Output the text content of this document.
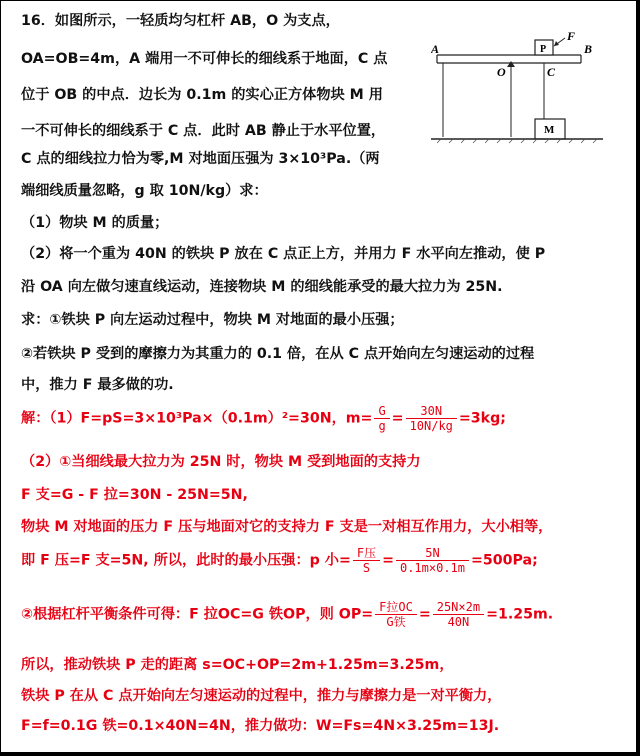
16．如图所示，一轻质均匀杠杆 AB，O 为支点，
OA=OB=4m，A 端用一不可伸长的细线系于地面，C 点
位于 OB 的中点．边长为 0.1m 的实心正方体物块 M 用
一不可伸长的细线系于 C 点．此时 AB 静止于水平位置，
C 点的细线拉力恰为零,M 对地面压强为 3×10³Pa.（两
端细线质量忽略，g 取 10N/kg）求：
（1）物块 M 的质量；
（2）将一个重为 40N 的铁块 P 放在 C 点正上方，并用力 F 水平向左推动，使 P
沿 OA 向左做匀速直线运动，连接物块 M 的细线能承受的最大拉力为 25N.
求：①铁块 P 向左运动过程中，物块 M 对地面的最小压强；
②若铁块 P 受到的摩擦力为其重力的 0.1 倍，在从 C 点开始向左匀速运动的过程
中，推力 F 最多做的功.
A	B
O	C
P
F
M
解：（1）F=pS=3×10³Pa×（0.1m）²=30N，$m= \frac{G}{g} = \frac{30N}{10N/kg} =3kg$;
（2）①当细线最大拉力为 25N 时，物块 M 受到地面的支持力
F 支=G - F 拉=30N - 25N=5N,
物块 M 对地面的压力 F 压与地面对它的支持力 F 支是一对相互作用力，大小相等，
即 F 压=F 支=5N, 所以，此时的最小压强：p 小= $\frac{\text{F压}}{S} = \frac{5N}{0.1m\times 0.1m} =500Pa$;
②根据杠杆平衡条件可得：F 拉OC=G 铁OP，则 $OP= \frac{\text{F拉OC}}{\text{G铁}} = \frac{25N\times 2m}{40N} =1.25m$.
所以，推动铁块 P 走的距离 s=OC+OP=2m+1.25m=3.25m，
铁块 P 在从 C 点开始向左匀速运动的过程中，推力与摩擦力是一对平衡力，
F=f=0.1G 铁=0.1×40N=4N，推力做功：W=Fs=4N×3.25m=13J.
